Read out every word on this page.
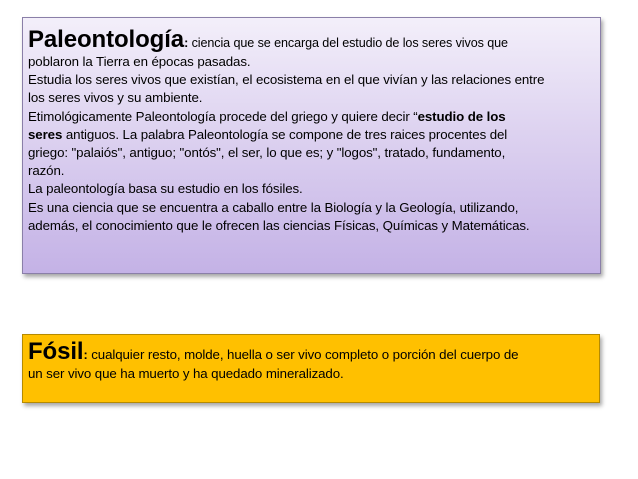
Paleontología: ciencia que se encarga del estudio de los seres vivos que

poblaron la Tierra en épocas pasadas.

Estudia los seres vivos que existían, el ecosistema en el que vivían y las relaciones entre

los seres vivos y su ambiente.

Etimológicamente Paleontología procede del griego y quiere decir “estudio de los

seres antiguos. La palabra Paleontología se compone de tres raices procentes del

griego: "palaiós", antiguo; "ontós", el ser, lo que es; y "logos", tratado, fundamento,

razón.

La paleontología basa su estudio en los fósiles.

Es una ciencia que se encuentra a caballo entre la Biología y la Geología, utilizando,

además, el conocimiento que le ofrecen las ciencias Físicas, Químicas y Matemáticas.

Fósil: cualquier resto, molde, huella o ser vivo completo o porción del cuerpo de

un ser vivo que ha muerto y ha quedado mineralizado.
